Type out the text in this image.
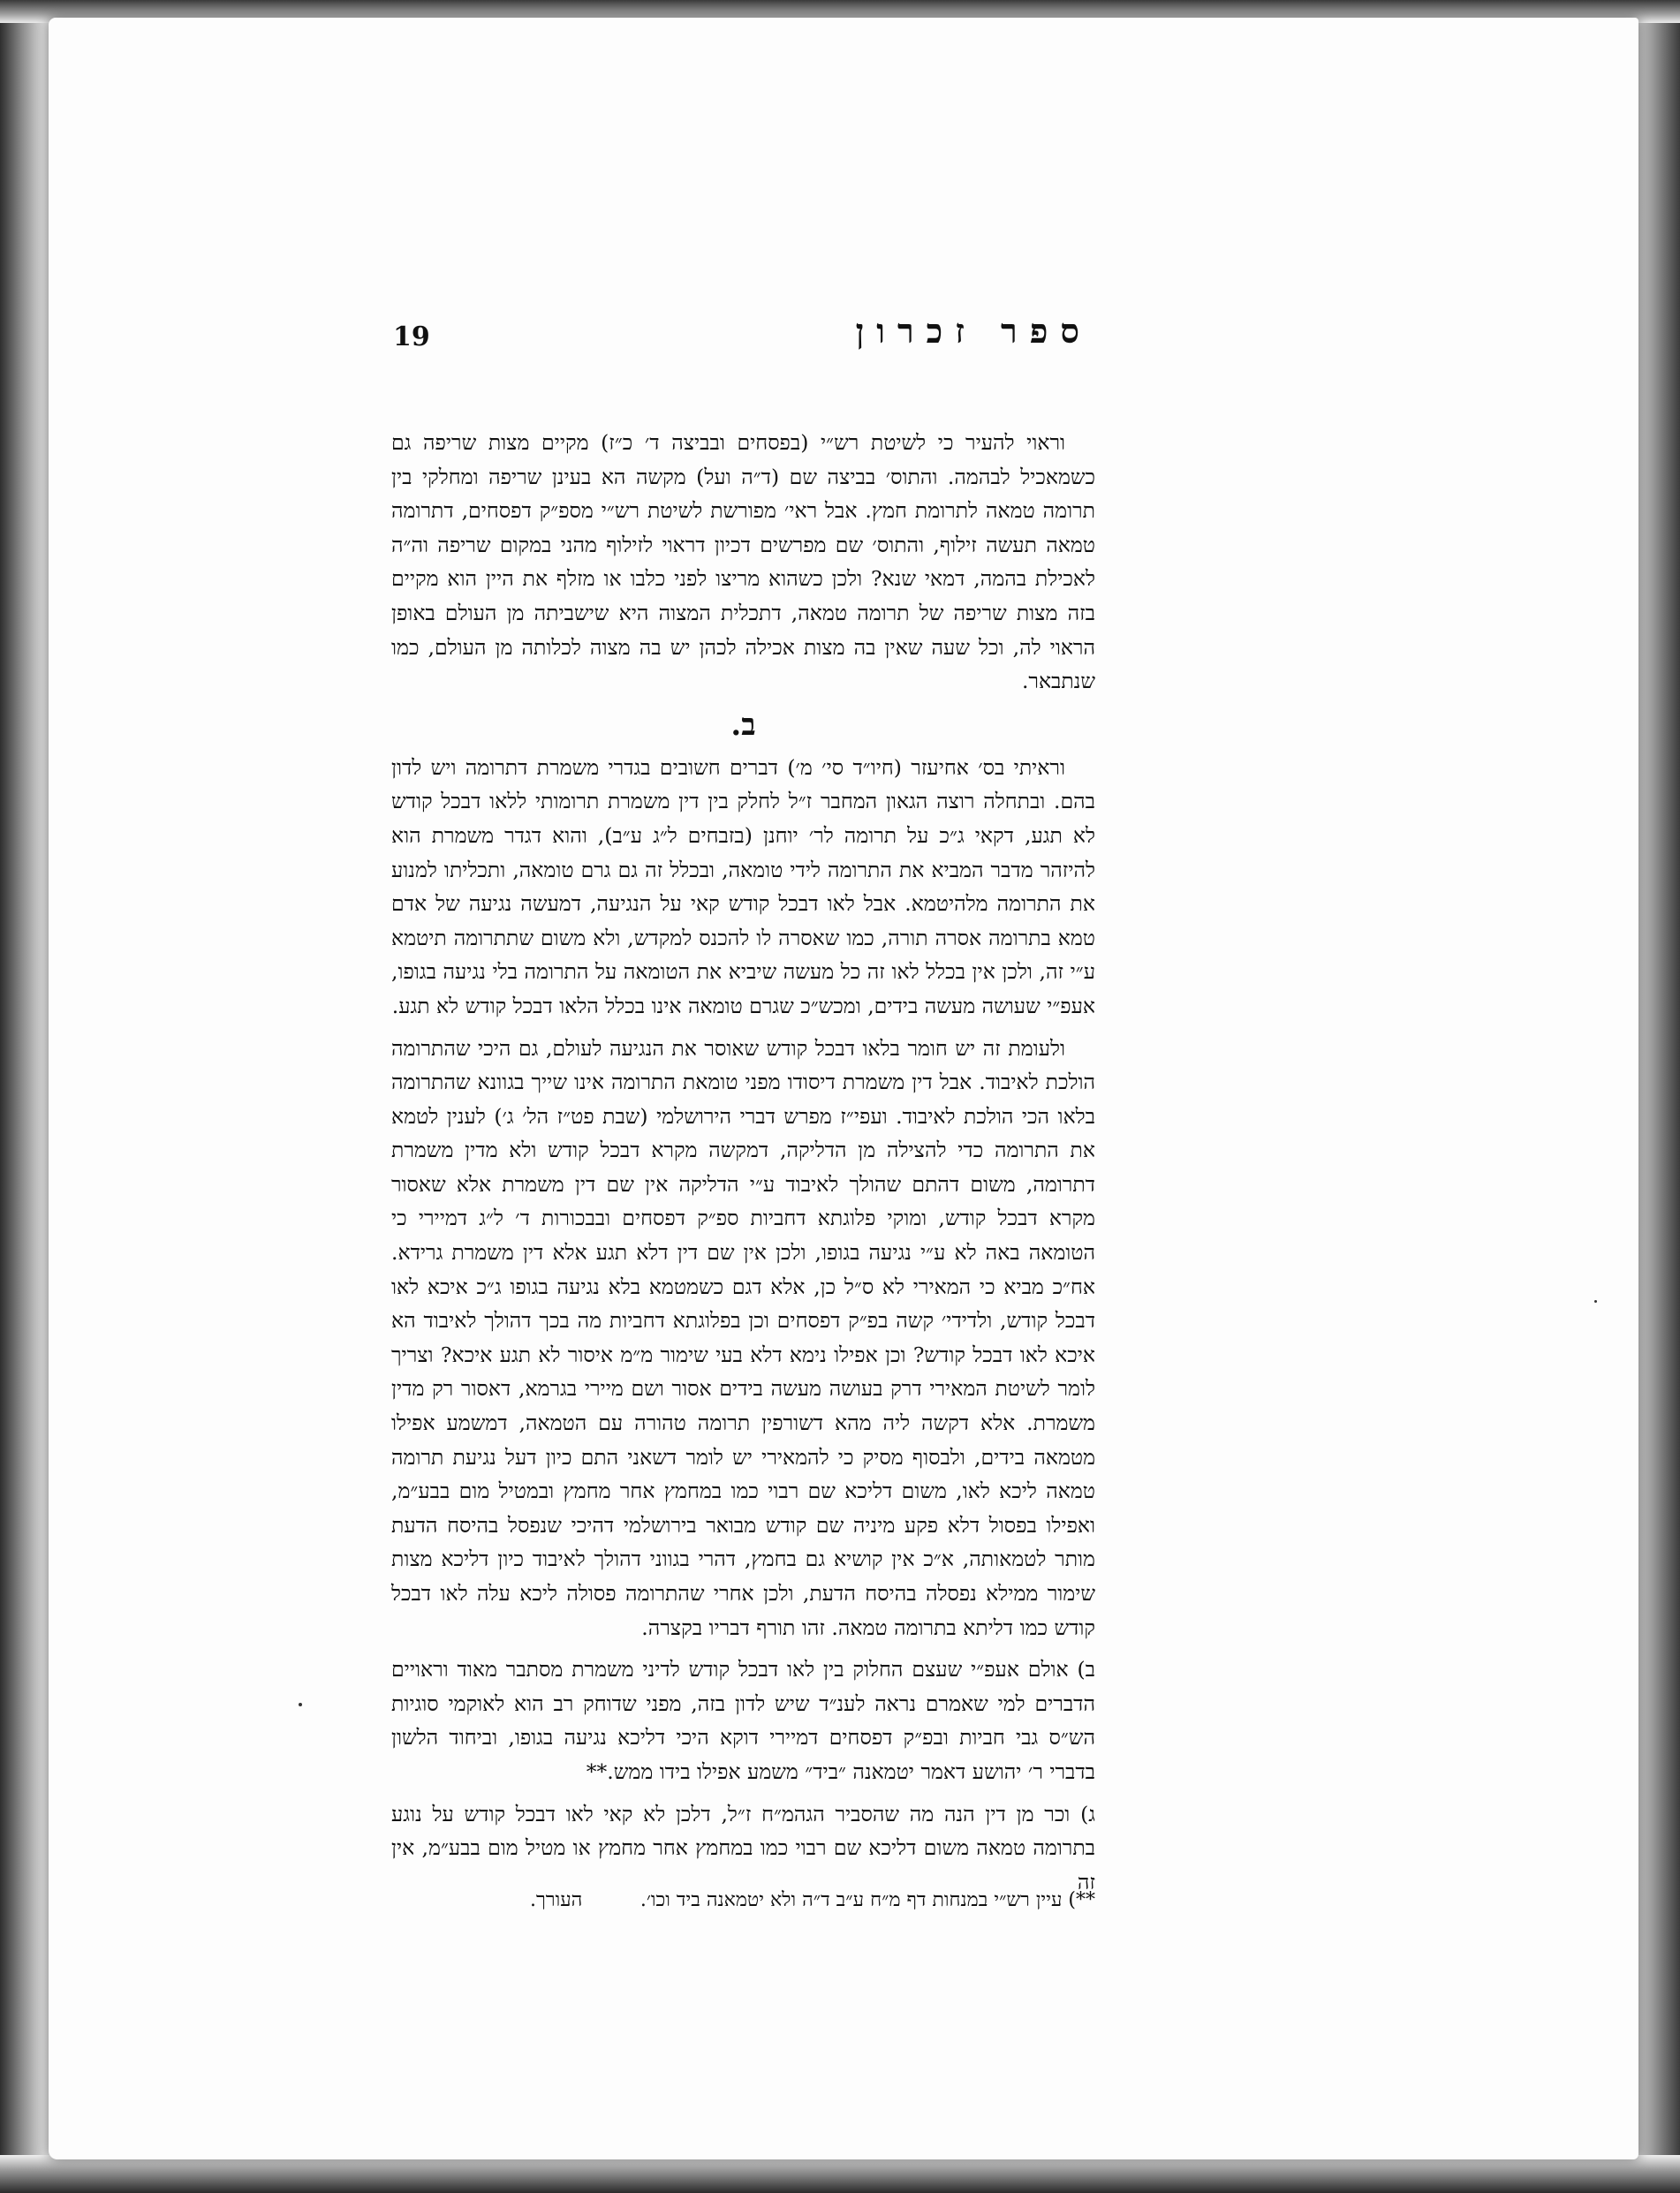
19	ספר זכרון

וראוי להעיר כי לשיטת רש״י (בפסחים ובביצה ד׳ כ״ז) מקיים מצות שריפה גם כשמאכיל לבהמה. והתוס׳ בביצה שם (ד״ה ועל) מקשה הא בעינן שריפה ומחלקי בין תרומה טמאה לתרומת חמץ. אבל ראי׳ מפורשת לשיטת רש״י מספ״ק דפסחים, דתרומה טמאה תעשה זילוף, והתוס׳ שם מפרשים דכיון דראוי לזילוף מהני במקום שריפה וה״ה לאכילת בהמה, דמאי שנא? ולכן כשהוא מריצו לפני כלבו או מזלף את היין הוא מקיים בזה מצות שריפה של תרומה טמאה, דתכלית המצוה היא שישביתה מן העולם באופן הראוי לה, וכל שעה שאין בה מצות אכילה לכהן יש בה מצוה לכלותה מן העולם, כמו שנתבאר.

ב.

וראיתי בס׳ אחיעזר (חיו״ד סי׳ מ׳) דברים חשובים בגדרי משמרת דתרומה ויש לדון בהם. ובתחלה רוצה הגאון המחבר ז״ל לחלק בין דין משמרת תרומותי ללאו דבכל קודש לא תגע, דקאי ג״כ על תרומה לר׳ יוחנן (בזבחים ל״ג ע״ב), והוא דגדר משמרת הוא להיזהר מדבר המביא את התרומה לידי טומאה, ובכלל זה גם גרם טומאה, ותכליתו למנוע את התרומה מלהיטמא. אבל לאו דבכל קודש קאי על הנגיעה, דמעשה נגיעה של אדם טמא בתרומה אסרה תורה, כמו שאסרה לו להכנס למקדש, ולא משום שתתרומה תיטמא ע״י זה, ולכן אין בכלל לאו זה כל מעשה שיביא את הטומאה על התרומה בלי נגיעה בגופו, אעפ״י שעושה מעשה בידים, ומכש״כ שגרם טומאה אינו בכלל הלאו דבכל קודש לא תגע.

ולעומת זה יש חומר בלאו דבכל קודש שאוסר את הנגיעה לעולם, גם היכי שהתרומה הולכת לאיבוד. אבל דין משמרת דיסודו מפני טומאת התרומה אינו שייך בגוונא שהתרומה בלאו הכי הולכת לאיבוד. ועפי״ז מפרש דברי הירושלמי (שבת פט״ז הל׳ ג׳) לענין לטמא את התרומה כדי להצילה מן הדליקה, דמקשה מקרא דבכל קודש ולא מדין משמרת דתרומה, משום דהתם שהולך לאיבוד ע״י הדליקה אין שם דין משמרת אלא שאסור מקרא דבכל קודש, ומוקי פלוגתא דחביות ספ״ק דפסחים ובבכורות ד׳ ל״ג דמיירי כי הטומאה באה לא ע״י נגיעה בגופו, ולכן אין שם דין דלא תגע אלא דין משמרת גרידא. אח״כ מביא כי המאירי לא ס״ל כן, אלא דגם כשמטמא בלא נגיעה בגופו ג״כ איכא לאו דבכל קודש, ולדידי׳ קשה בפ״ק דפסחים וכן בפלוגתא דחביות מה בכך דהולך לאיבוד הא איכא לאו דבכל קודש? וכן אפילו נימא דלא בעי שימור מ״מ איסור לא תגע איכא? וצריך לומר לשיטת המאירי דרק בעושה מעשה בידים אסור ושם מיירי בגרמא, דאסור רק מדין משמרת. אלא דקשה ליה מהא דשורפין תרומה טהורה עם הטמאה, דמשמע אפילו מטמאה בידים, ולבסוף מסיק כי להמאירי יש לומר דשאני התם כיון דעל נגיעת תרומה טמאה ליכא לאו, משום דליכא שם רבוי כמו במחמץ אחר מחמץ ובמטיל מום בבע״מ, ואפילו בפסול דלא פקע מיניה שם קודש מבואר בירושלמי דהיכי שנפסל בהיסח הדעת מותר לטמאותה, א״כ אין קושיא גם בחמץ, דהרי בגווני דהולך לאיבוד כיון דליכא מצות שימור ממילא נפסלה בהיסח הדעת, ולכן אחרי שהתרומה פסולה ליכא עלה לאו דבכל קודש כמו דליתא בתרומה טמאה. זהו תורף דבריו בקצרה.

ב) אולם אעפ״י שעצם החלוק בין לאו דבכל קודש לדיני משמרת מסתבר מאוד וראויים הדברים למי שאמרם נראה לענ״ד שיש לדון בזה, מפני שדוחק רב הוא לאוקמי סוגיות הש״ס גבי חביות ובפ״ק דפסחים דמיירי דוקא היכי דליכא נגיעה בגופו, וביחוד הלשון בדברי ר׳ יהושע דאמר יטמאנה ״ביד״ משמע אפילו בידו ממש.**

ג) וכר מן דין הנה מה שהסביר הגהמ״ח ז״ל, דלכן לא קאי לאו דבכל קודש על נוגע בתרומה טמאה משום דליכא שם רבוי כמו במחמץ אחר מחמץ או מטיל מום בבע״מ, אין זה

**) עיין רש״י במנחות דף מ״ח ע״ב ד״ה ולא יטמאנה ביד וכו׳.
העורך.
